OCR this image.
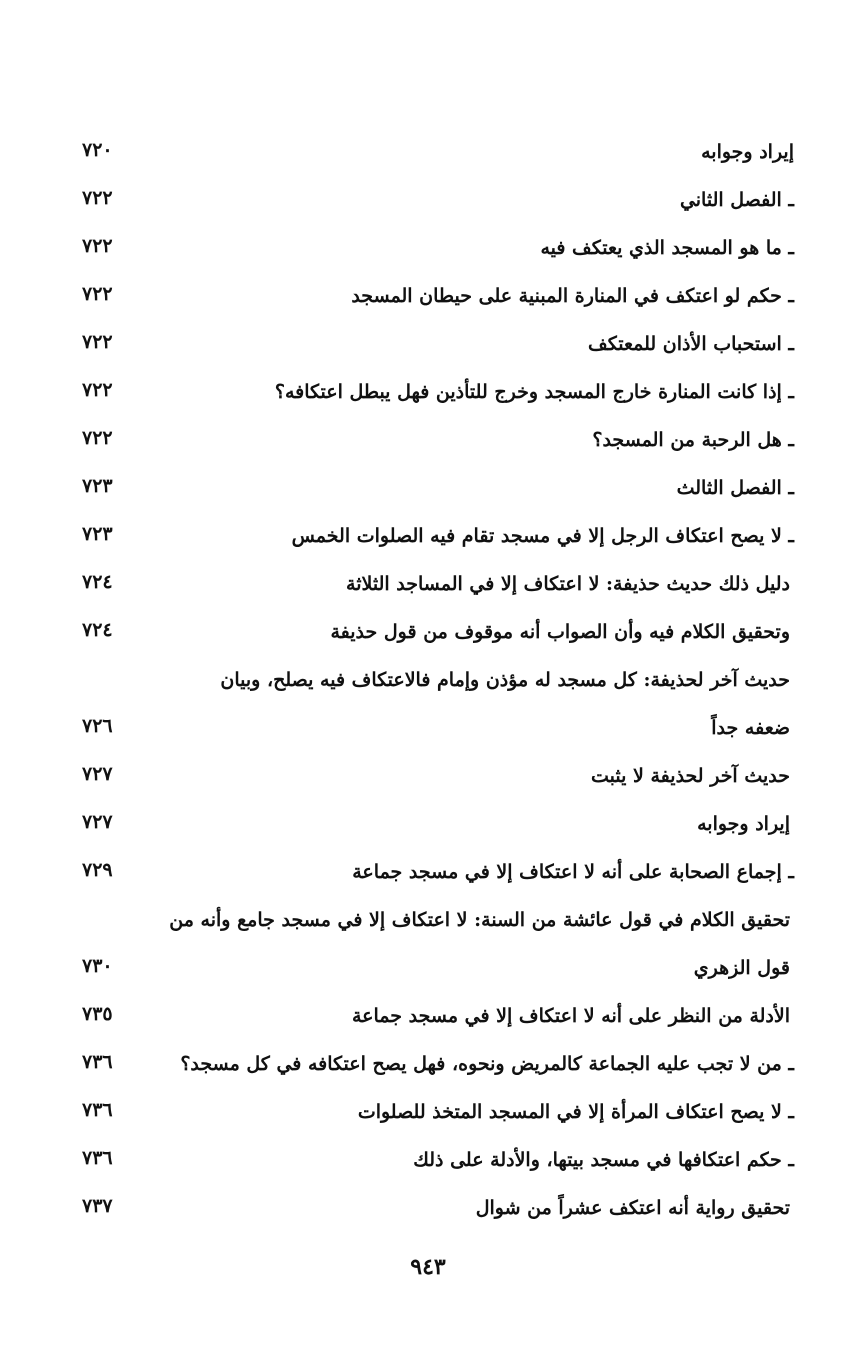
إيراد وجوابه
٧٢٠
ـ الفصل الثاني
٧٢٢
ـ ما هو المسجد الذي يعتكف فيه
٧٢٢
ـ حكم لو اعتكف في المنارة المبنية على حيطان المسجد
٧٢٢
ـ استحباب الأذان للمعتكف
٧٢٢
ـ إذا كانت المنارة خارج المسجد وخرج للتأذين فهل يبطل اعتكافه؟
٧٢٢
ـ هل الرحبة من المسجد؟
٧٢٢
ـ الفصل الثالث
٧٢٣
ـ لا يصح اعتكاف الرجل إلا في مسجد تقام فيه الصلوات الخمس
٧٢٣
دليل ذلك حديث حذيفة: لا اعتكاف إلا في المساجد الثلاثة
٧٢٤
وتحقيق الكلام فيه وأن الصواب أنه موقوف من قول حذيفة
٧٢٤
حديث آخر لحذيفة: كل مسجد له مؤذن وإمام فالاعتكاف فيه يصلح، وبيان
ضعفه جداً
٧٢٦
حديث آخر لحذيفة لا يثبت
٧٢٧
إيراد وجوابه
٧٢٧
ـ إجماع الصحابة على أنه لا اعتكاف إلا في مسجد جماعة
٧٢٩
تحقيق الكلام في قول عائشة من السنة: لا اعتكاف إلا في مسجد جامع وأنه من
قول الزهري
٧٣٠
الأدلة من النظر على أنه لا اعتكاف إلا في مسجد جماعة
٧٣٥
ـ من لا تجب عليه الجماعة كالمريض ونحوه، فهل يصح اعتكافه في كل مسجد؟
٧٣٦
ـ لا يصح اعتكاف المرأة إلا في المسجد المتخذ للصلوات
٧٣٦
ـ حكم اعتكافها في مسجد بيتها، والأدلة على ذلك
٧٣٦
تحقيق رواية أنه اعتكف عشراً من شوال
٧٣٧
٩٤٣
